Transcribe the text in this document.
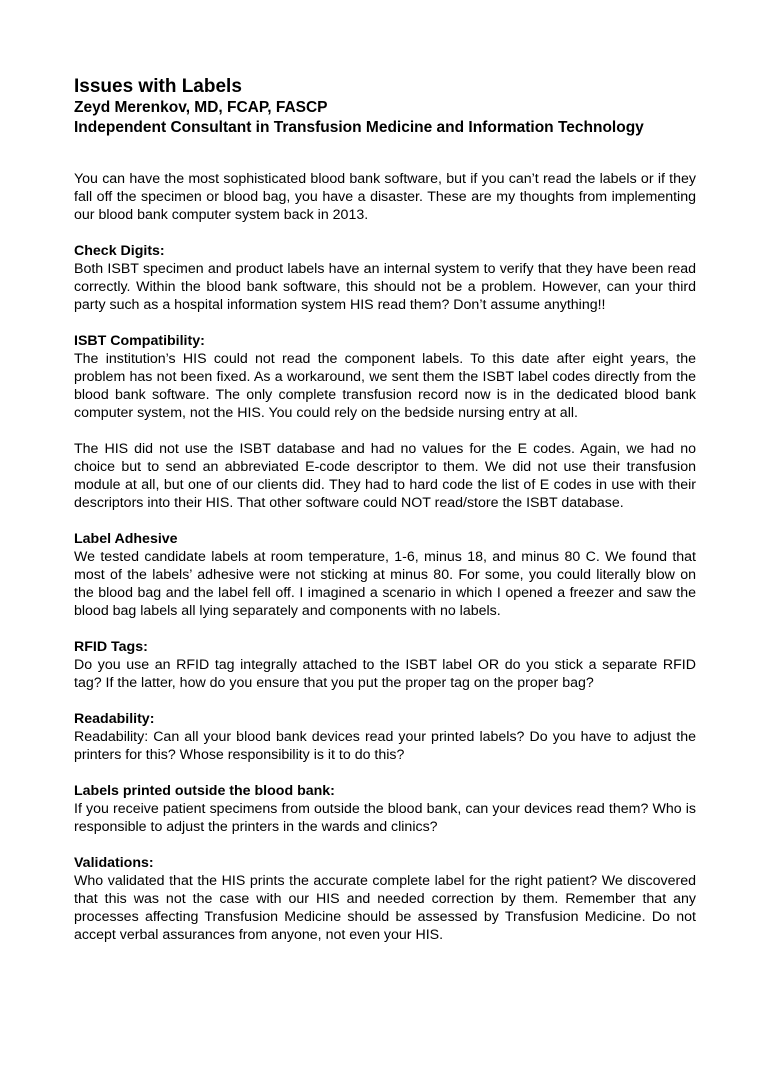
Issues with Labels
Zeyd Merenkov, MD, FCAP, FASCP
Independent Consultant in Transfusion Medicine and Information Technology

You can have the most sophisticated blood bank software, but if you can’t read the labels or if they fall off the specimen or blood bag, you have a disaster. These are my thoughts from implementing our blood bank computer system back in 2013.

Check Digits:

Both ISBT specimen and product labels have an internal system to verify that they have been read correctly. Within the blood bank software, this should not be a problem. However, can your third party such as a hospital information system HIS read them? Don’t assume anything!!

ISBT Compatibility:

The institution’s HIS could not read the component labels. To this date after eight years, the problem has not been fixed. As a workaround, we sent them the ISBT label codes directly from the blood bank software. The only complete transfusion record now is in the dedicated blood bank computer system, not the HIS. You could rely on the bedside nursing entry at all.

The HIS did not use the ISBT database and had no values for the E codes. Again, we had no choice but to send an abbreviated E-code descriptor to them. We did not use their transfusion module at all, but one of our clients did. They had to hard code the list of E codes in use with their descriptors into their HIS. That other software could NOT read/store the ISBT database.

Label Adhesive

We tested candidate labels at room temperature, 1-6, minus 18, and minus 80 C. We found that most of the labels’ adhesive were not sticking at minus 80. For some, you could literally blow on the blood bag and the label fell off. I imagined a scenario in which I opened a freezer and saw the blood bag labels all lying separately and components with no labels.

RFID Tags:

Do you use an RFID tag integrally attached to the ISBT label OR do you stick a separate RFID tag? If the latter, how do you ensure that you put the proper tag on the proper bag?

Readability:

Readability: Can all your blood bank devices read your printed labels? Do you have to adjust the printers for this? Whose responsibility is it to do this?

Labels printed outside the blood bank:

If you receive patient specimens from outside the blood bank, can your devices read them? Who is responsible to adjust the printers in the wards and clinics?

Validations:

Who validated that the HIS prints the accurate complete label for the right patient? We discovered that this was not the case with our HIS and needed correction by them. Remember that any processes affecting Transfusion Medicine should be assessed by Transfusion Medicine. Do not accept verbal assurances from anyone, not even your HIS.
